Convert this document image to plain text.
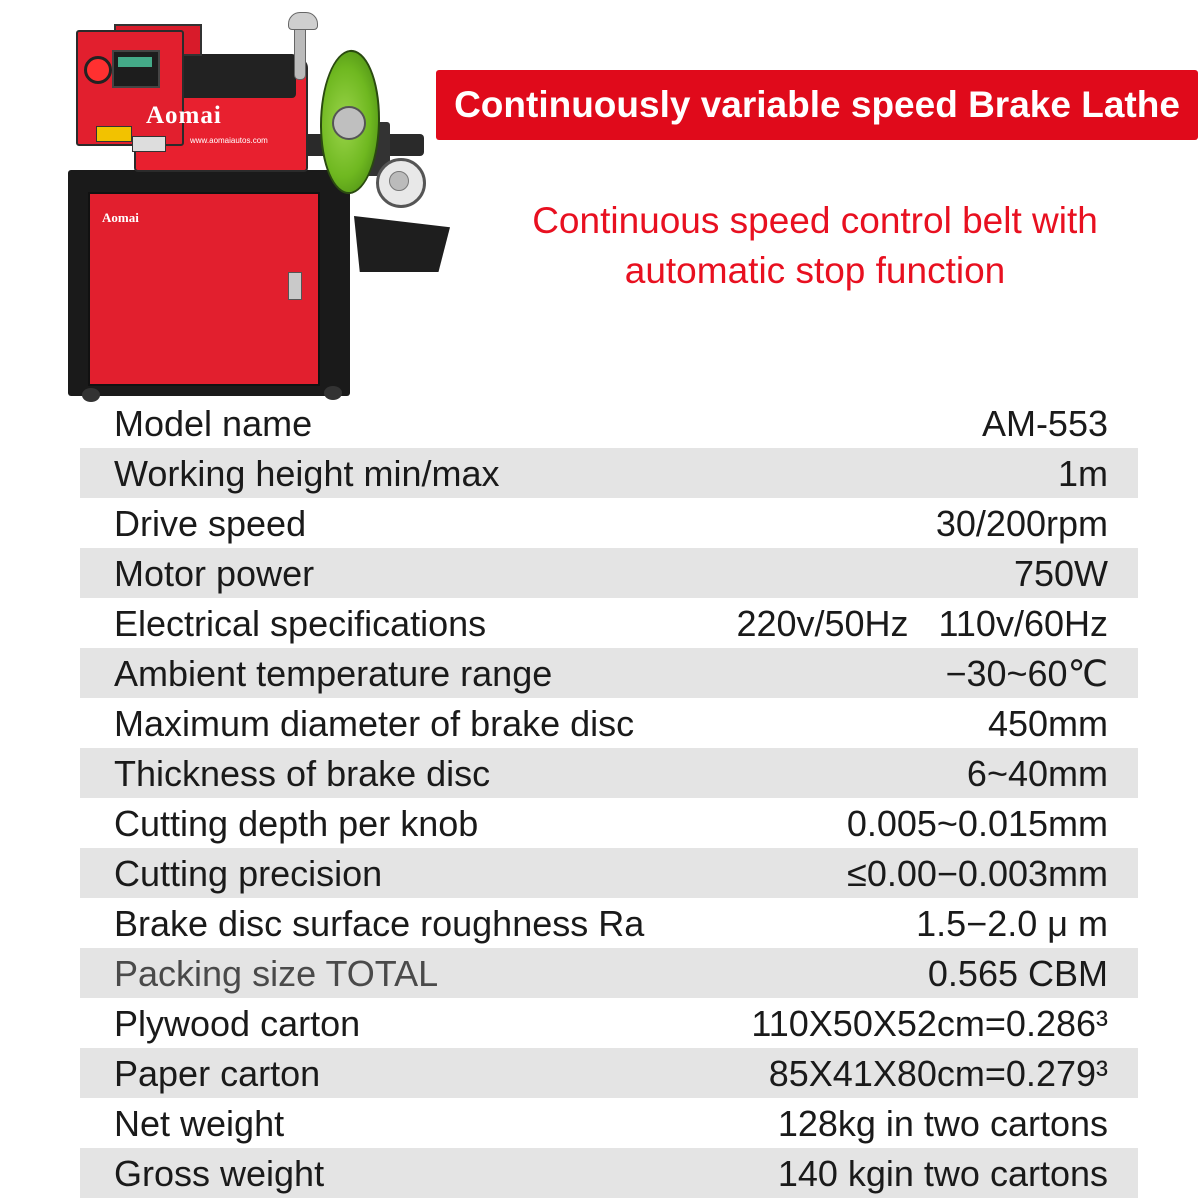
Aomai
Aomai
www.aomaiautos.com
Continuously variable speed Brake Lathe
Continuous speed control belt with
automatic stop function
Model name	AM-553
Working height min/max	1m
Drive speed	30/200rpm
Motor power	750W
Electrical specifications	220v/50Hz   110v/60Hz
Ambient temperature range	−30~60℃
Maximum diameter of brake disc	450mm
Thickness of brake disc	6~40mm
Cutting depth per knob	0.005~0.015mm
Cutting precision	≤0.00−0.003mm
Brake disc surface roughness Ra	1.5−2.0 μ m
Packing size TOTAL	0.565 CBM
Plywood carton	110X50X52cm=0.286³
Paper carton	85X41X80cm=0.279³
Net weight	128kg in two cartons
Gross weight	140 kgin two cartons
